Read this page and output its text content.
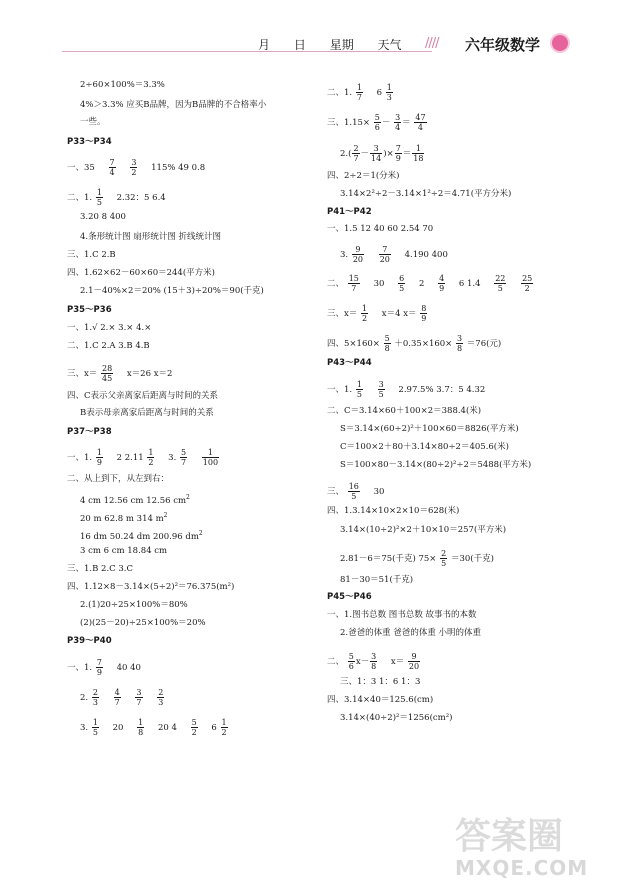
月 日 星期 天气	//// 六年级数学
2÷60×100%＝3.3%
4%＞3.3% 应买B品牌，因为B品牌的不合格率小
一些。
P33～P34
一、$35 \frac{7}{4}$
$\frac{3}{2} 115\%$ 49 0.8
二、1. $\frac{1}{5} 2.32$：5 6.4
3.20 8 400
4.条形统计图 扇形统计图 折线统计图
三、1.C 2.B
四、1.62×62－60×60＝244(平方米)
2.1－40%×2＝20% (15＋3)÷20%＝90(千克)
P35～P36
一、1.√ 2.× 3.× 4.×
二、1.C 2.A 3.B 4.B
三、$x= \frac{28}{45} x=26$ x＝2
四、C表示父亲离家后距离与时间的关系
B表示母亲离家后距离与时间的关系
P37～P38
一、1. $\frac{1}{9} 2$ $2.11 \frac{1}{2} 3$. $\frac{5}{7}$
$\frac{1}{100}$
二、从上到下，从左到右：
4 cm 12.56 cm 12.56 $cm^2$
20 m 62.8 m 314 $m^2$
16 dm 50.24 dm 200.96 $dm^2$
3 cm 6 cm 18.84 cm
三、1.B 2.C 3.C
四、1.12×8－3.14×(5÷2)²＝76.375(m²)
2.(1)20÷25×100%＝80%
(2)(25－20)÷25×100%＝20%
P39～P40
一、1. $\frac{7}{9} 40$ 40
2. $\frac{2}{3}$
$\frac{4}{7}$
$\frac{3}{7}$
$\frac{2}{3}$
3. $\frac{1}{5} 20 \frac{1}{8} 20$ $4 \frac{5}{2} 6 \frac{1}{2}$
二、1. $\frac{1}{7} 6 \frac{1}{3}$
三、$1.15\times \frac{5}{6} - \frac{3}{4} = \frac{47}{4}$
$2.( \frac{2}{7} - \frac{3}{14}$ )× $\frac{7}{9} = \frac{1}{18}$
四、2÷2＝1(分米)
3.14×2²÷2－3.14×1²÷2＝4.71(平方分米)
P41～P42
一、1.5 12 40 60 2.54 70
3. $\frac{9}{20}$
$\frac{7}{20} 4.190$ 400
二、 $\frac{15}{7} 30 \frac{6}{5} 2 \frac{4}{9} 6$ $1.4 \frac{22}{5}$
$\frac{25}{2}$
三、$x= \frac{1}{2} x=4$ $x= \frac{8}{9}$
四、$5\times 160\times \frac{5}{8} +0.35\times 160\times \frac{3}{8} =76$(元)
P43～P44
一、1. $\frac{1}{5}$
$\frac{3}{5} 2.97.5\%$ 3.7：5 4.32
二、C＝3.14×60＋100×2＝388.4(米)
S＝3.14×(60÷2)²＋100×60＝8826(平方米)
C＝100×2＋80＋3.14×80÷2＝405.6(米)
S＝100×80－3.14×(80÷2)²÷2＝5488(平方米)
三、 $\frac{16}{5} 30$
四、1.3.14×10×2×10＝628(米)
3.14×(10÷2)²×2＋10×10＝257(平方米)
2.81－6＝75(千克) $75\times \frac{2}{5} =30$(千克)
81－30＝51(千克)
P45～P46
一、1.图书总数 图书总数 故事书的本数
2.爸爸的体重 爸爸的体重 小明的体重
二、 $\frac{5}{6} x- \frac{3}{8} x= \frac{9}{20}$
三、1：3 1：6 1：3
四、3.14×40＝125.6(cm)
3.14×(40÷2)²＝1256(cm²)
答案圈
MXQE.COM
